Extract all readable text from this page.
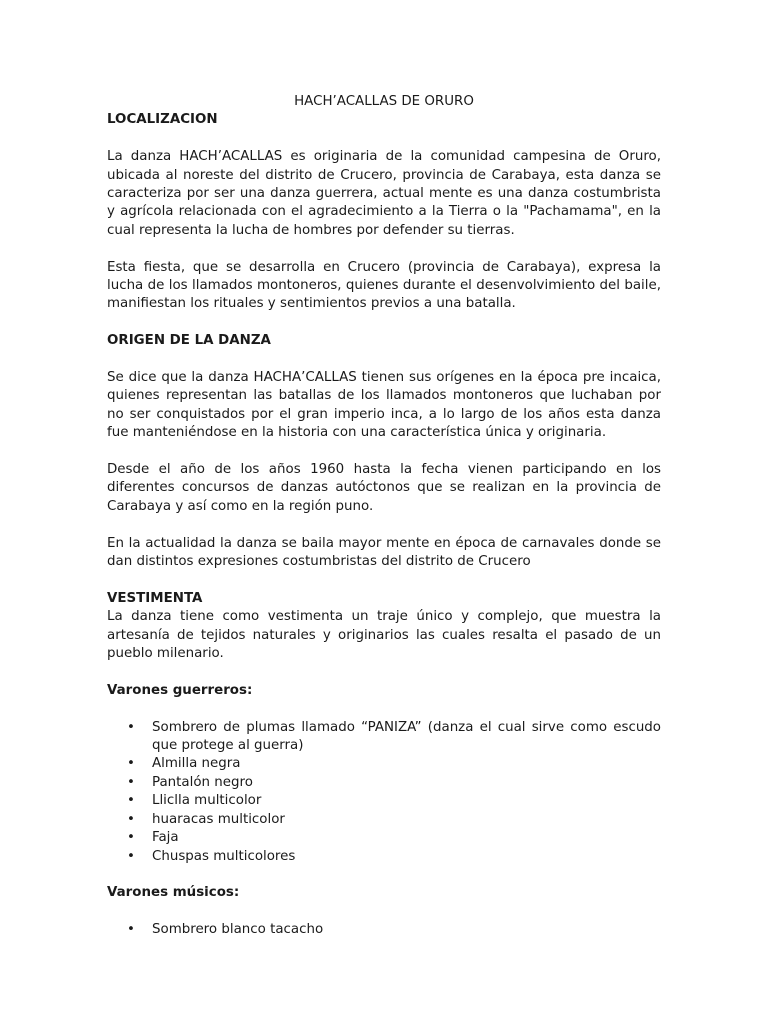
HACH’ACALLAS DE ORURO

LOCALIZACION

La danza HACH’ACALLAS es originaria de la comunidad campesina de Oruro, ubicada al noreste del distrito de Crucero, provincia de Carabaya, esta danza se caracteriza por ser una danza guerrera, actual mente es una danza costumbrista y agrícola relacionada con el agradecimiento a la Tierra o la "Pachamama", en la cual representa la lucha de hombres por defender su tierras.

Esta fiesta, que se desarrolla en Crucero (provincia de Carabaya), expresa la lucha de los llamados montoneros, quienes durante el desenvolvimiento del baile, manifiestan los rituales y sentimientos previos a una batalla.

ORIGEN DE LA DANZA

Se dice que la danza HACHA’CALLAS tienen sus orígenes en la época pre incaica, quienes representan las batallas de los llamados montoneros que luchaban por no ser conquistados por el gran imperio inca, a lo largo de los años esta danza fue manteniéndose en la historia con una característica única y originaria.

Desde el año de los años 1960 hasta la fecha vienen participando en los diferentes concursos de danzas autóctonos que se realizan en la provincia de Carabaya y así como en la región puno.

En la actualidad la danza se baila mayor mente en época de carnavales donde se dan distintos expresiones costumbristas del distrito de Crucero

VESTIMENTA

La danza tiene como vestimenta un traje único y complejo, que muestra la artesanía de tejidos naturales y originarios las cuales resalta el pasado de un pueblo milenario.

Varones guerreros:

• Sombrero de plumas llamado “PANIZA” (danza el cual sirve como escudo que protege al guerra)
• Almilla negra
• Pantalón negro
• Lliclla multicolor
• huaracas multicolor
• Faja
• Chuspas multicolores

Varones músicos:

• Sombrero blanco tacacho
